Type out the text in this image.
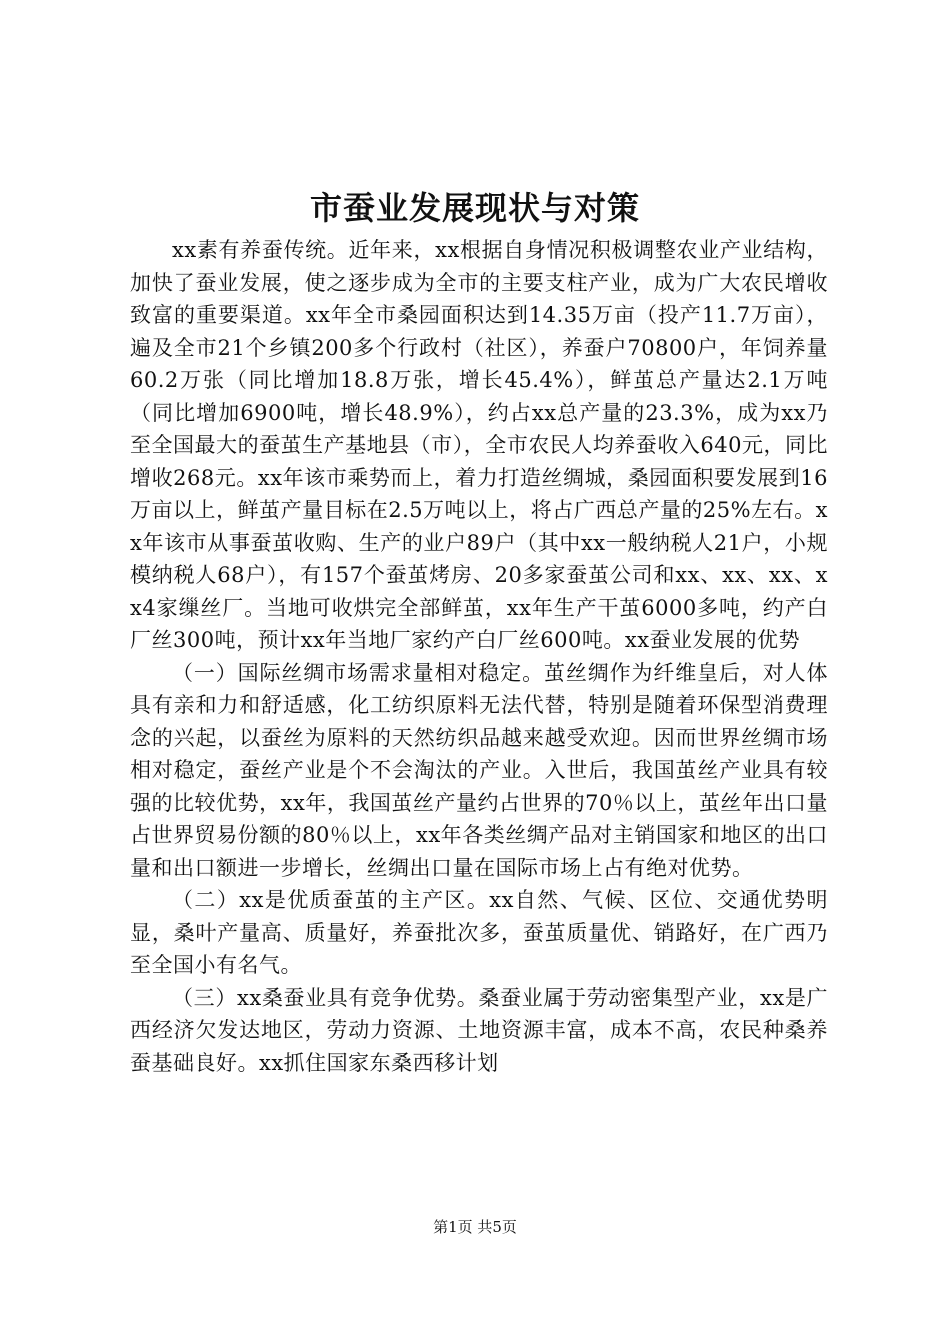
市蚕业发展现状与对策

xx素有养蚕传统。近年来，xx根据自身情况积极调整农业产业结构，加快了蚕业发展，使之逐步成为全市的主要支柱产业，成为广大农民增收致富的重要渠道。xx年全市桑园面积达到14.35万亩（投产11.7万亩），遍及全市21个乡镇200多个行政村（社区），养蚕户70800户，年饲养量60.2万张（同比增加18.8万张，增长45.4%），鲜茧总产量达2.1万吨（同比增加6900吨，增长48.9%），约占xx总产量的23.3%，成为xx乃至全国最大的蚕茧生产基地县（市），全市农民人均养蚕收入640元，同比增收268元。xx年该市乘势而上，着力打造丝绸城，桑园面积要发展到16万亩以上，鲜茧产量目标在2.5万吨以上，将占广西总产量的25%左右。xx年该市从事蚕茧收购、生产的业户89户（其中xx一般纳税人21户，小规模纳税人68户），有157个蚕茧烤房、20多家蚕茧公司和xx、xx、xx、xx4家缫丝厂。当地可收烘完全部鲜茧，xx年生产干茧6000多吨，约产白厂丝300吨，预计xx年当地厂家约产白厂丝600吨。xx蚕业发展的优势

（一）国际丝绸市场需求量相对稳定。茧丝绸作为纤维皇后，对人体具有亲和力和舒适感，化工纺织原料无法代替，特别是随着环保型消费理念的兴起，以蚕丝为原料的天然纺织品越来越受欢迎。因而世界丝绸市场相对稳定，蚕丝产业是个不会淘汰的产业。入世后，我国茧丝产业具有较强的比较优势，xx年，我国茧丝产量约占世界的70％以上，茧丝年出口量占世界贸易份额的80％以上，xx年各类丝绸产品对主销国家和地区的出口量和出口额进一步增长，丝绸出口量在国际市场上占有绝对优势。

（二）xx是优质蚕茧的主产区。xx自然、气候、区位、交通优势明显，桑叶产量高、质量好，养蚕批次多，蚕茧质量优、销路好，在广西乃至全国小有名气。

（三）xx桑蚕业具有竞争优势。桑蚕业属于劳动密集型产业，xx是广西经济欠发达地区，劳动力资源、土地资源丰富，成本不高，农民种桑养蚕基础良好。xx抓住国家东桑西移计划

第1页 共5页
